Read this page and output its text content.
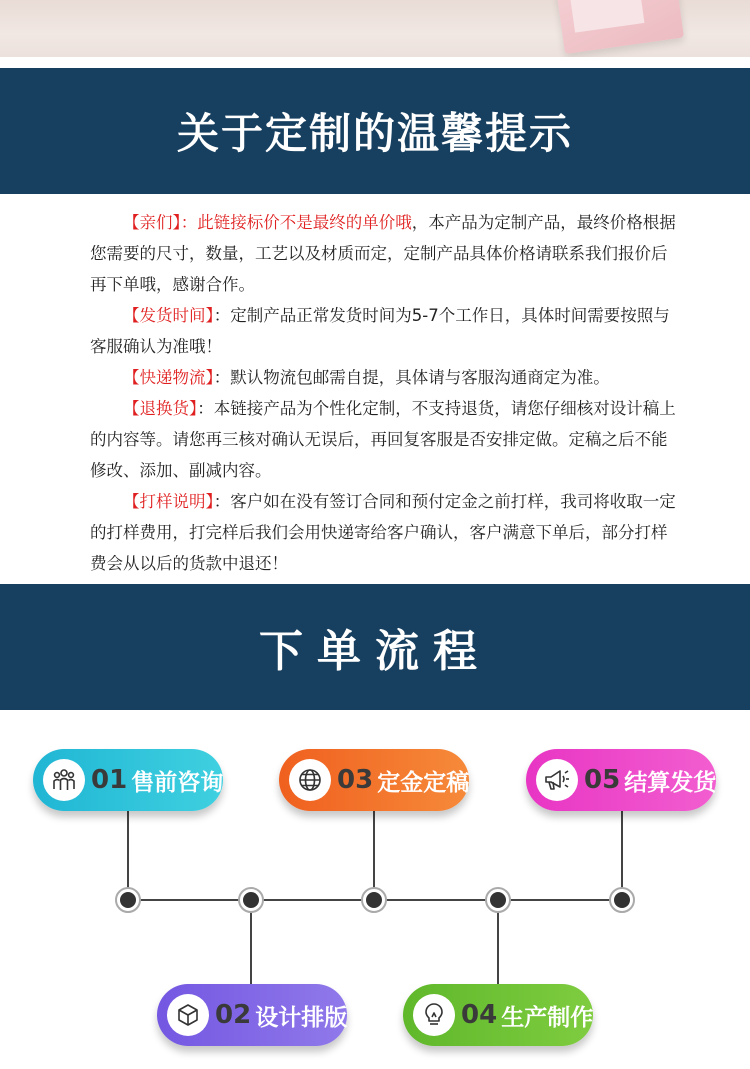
关于定制的温馨提示

【亲们】：此链接标价不是最终的单价哦，本产品为定制产品，最终价格根据您需要的尺寸，数量，工艺以及材质而定，定制产品具体价格请联系我们报价后再下单哦，感谢合作。

【发货时间】：定制产品正常发货时间为5-7个工作日，具体时间需要按照与客服确认为准哦！

【快递物流】：默认物流包邮需自提，具体请与客服沟通商定为准。

【退换货】：本链接产品为个性化定制，不支持退货，请您仔细核对设计稿上的内容等。请您再三核对确认无误后，再回复客服是否安排定做。定稿之后不能修改、添加、副减内容。

【打样说明】：客户如在没有签订合同和预付定金之前打样，我司将收取一定的打样费用，打完样后我们会用快递寄给客户确认，客户满意下单后，部分打样费会从以后的货款中退还！

下单流程
01 售前咨询	03 定金定稿	05 结算发货
02 设计排版	04 生产制作
